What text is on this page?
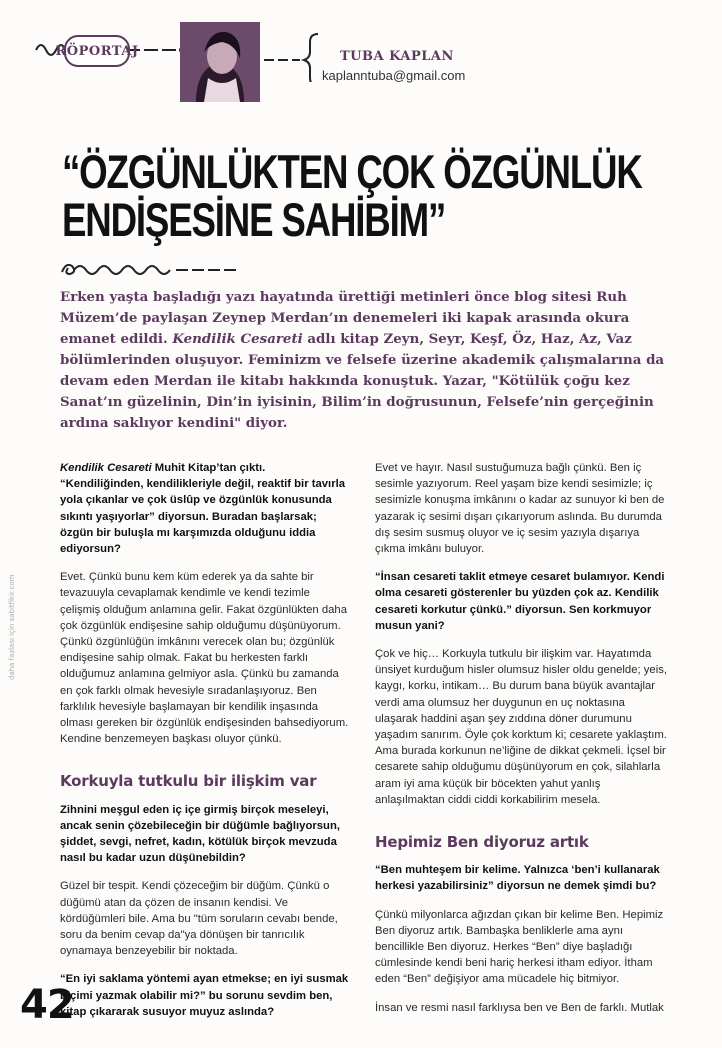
RÖPORTAJ	TUBA KAPLAN
kaplanntuba@gmail.com
“ÖZGÜNLÜKTEN ÇOK ÖZGÜNLÜK
ENDİŞESİNE SAHİBİM”

Erken yaşta başladığı yazı hayatında ürettiği metinleri önce blog sitesi Ruh Müzem’de paylaşan Zeynep Merdan’ın denemeleri iki kapak arasında okura emanet edildi. Kendilik Cesareti adlı kitap Zeyn, Seyr, Keşf, Öz, Haz, Az, Vaz bölümlerinden oluşuyor. Feminizm ve felsefe üzerine akademik çalışmalarına da devam eden Merdan ile kitabı hakkında konuştuk. Yazar, "Kötülük çoğu kez Sanat’ın güzelinin, Din’in iyisinin, Bilim’in doğrusunun, Felsefe’nin gerçeğinin ardına saklıyor kendini" diyor.

daha fazlası için sabitfikir.com

Kendilik Cesareti Muhit Kitap’tan çıktı. “Kendiliğinden, kendilikleriyle değil, reaktif bir tavırla yola çıkanlar ve çok üslûp ve özgünlük konusunda sıkıntı yaşıyorlar” diyorsun. Buradan başlarsak; özgün bir buluşla mı karşımızda olduğunu iddia ediyorsun?

Evet. Çünkü bunu kem küm ederek ya da sahte bir tevazuuyla cevaplamak kendimle ve kendi tezimle çelişmiş olduğum anlamına gelir. Fakat özgünlükten daha çok özgünlük endişesine sahip olduğumu düşünüyorum. Çünkü özgünlüğün imkânını verecek olan bu; özgünlük endişesine sahip olmak. Fakat bu herkesten farklı olduğumuz anlamına gelmiyor asla. Çünkü bu zamanda en çok farklı olmak hevesiyle sıradanlaşıyoruz. Ben farklılık hevesiyle başlamayan bir kendilik inşasında olması gereken bir özgünlük endişesinden bahsediyorum. Kendine benzemeyen başkası oluyor çünkü.

Korkuyla tutkulu bir ilişkim var

Zihnini meşgul eden iç içe girmiş birçok meseleyi, ancak senin çözebileceğin bir düğümle bağlıyorsun, şiddet, sevgi, nefret, kadın, kötülük birçok mevzuda nasıl bu kadar uzun düşünebildin?

Güzel bir tespit. Kendi çözeceğim bir düğüm. Çünkü o düğümü atan da çözen de insanın kendisi. Ve kördüğümleri bile. Ama bu "tüm soruların cevabı bende, soru da benim cevap da"ya dönüşen bir tanrıcılık oynamaya benzeyebilir bir noktada.

“En iyi saklama yöntemi ayan etmekse; en iyi susmak biçimi yazmak olabilir mi?” bu sorunu sevdim ben, kitap çıkararak susuyor muyuz aslında?

Evet ve hayır. Nasıl sustuğumuza bağlı çünkü. Ben iç sesimle yazıyorum. Reel yaşam bize kendi sesimizle; iç sesimizle konuşma imkânını o kadar az sunuyor ki ben de yazarak iç sesimi dışarı çıkarıyorum aslında. Bu durumda dış sesim susmuş oluyor ve iç sesim yazıyla dışarıya çıkma imkânı buluyor.

“İnsan cesareti taklit etmeye cesaret bulamıyor. Kendi olma cesareti gösterenler bu yüzden çok az. Kendilik cesareti korkutur çünkü.” diyorsun. Sen korkmuyor musun yani?

Çok ve hiç… Korkuyla tutkulu bir ilişkim var. Hayatımda ünsiyet kurduğum hisler olumsuz hisler oldu genelde; yeis, kaygı, korku, intikam… Bu durum bana büyük avantajlar verdi ama olumsuz her duygunun en uç noktasına ulaşarak haddini aşan şey zıddına döner durumunu yaşadım sanırım. Öyle çok korktum ki; cesarete yaklaştım. Ama burada korkunun ne’liğine de dikkat çekmeli. İçsel bir cesarete sahip olduğumu düşünüyorum en çok, silahlarla aram iyi ama küçük bir böcekten yahut yanlış anlaşılmaktan ciddi ciddi korkabilirim mesela.

Hepimiz Ben diyoruz artık

“Ben muhteşem bir kelime. Yalnızca ‘ben’i kullanarak herkesi yazabilirsiniz” diyorsun ne demek şimdi bu?

Çünkü milyonlarca ağızdan çıkan bir kelime Ben. Hepimiz Ben diyoruz artık. Bambaşka benliklerle ama aynı bencillikle Ben diyoruz. Herkes “Ben” diye başladığı cümlesinde kendi beni hariç herkesi itham ediyor. İtham eden “Ben” değişiyor ama mücadele hiç bitmiyor.

İnsan ve resmi nasıl farklıysa ben ve Ben de farklı. Mutlak

42
